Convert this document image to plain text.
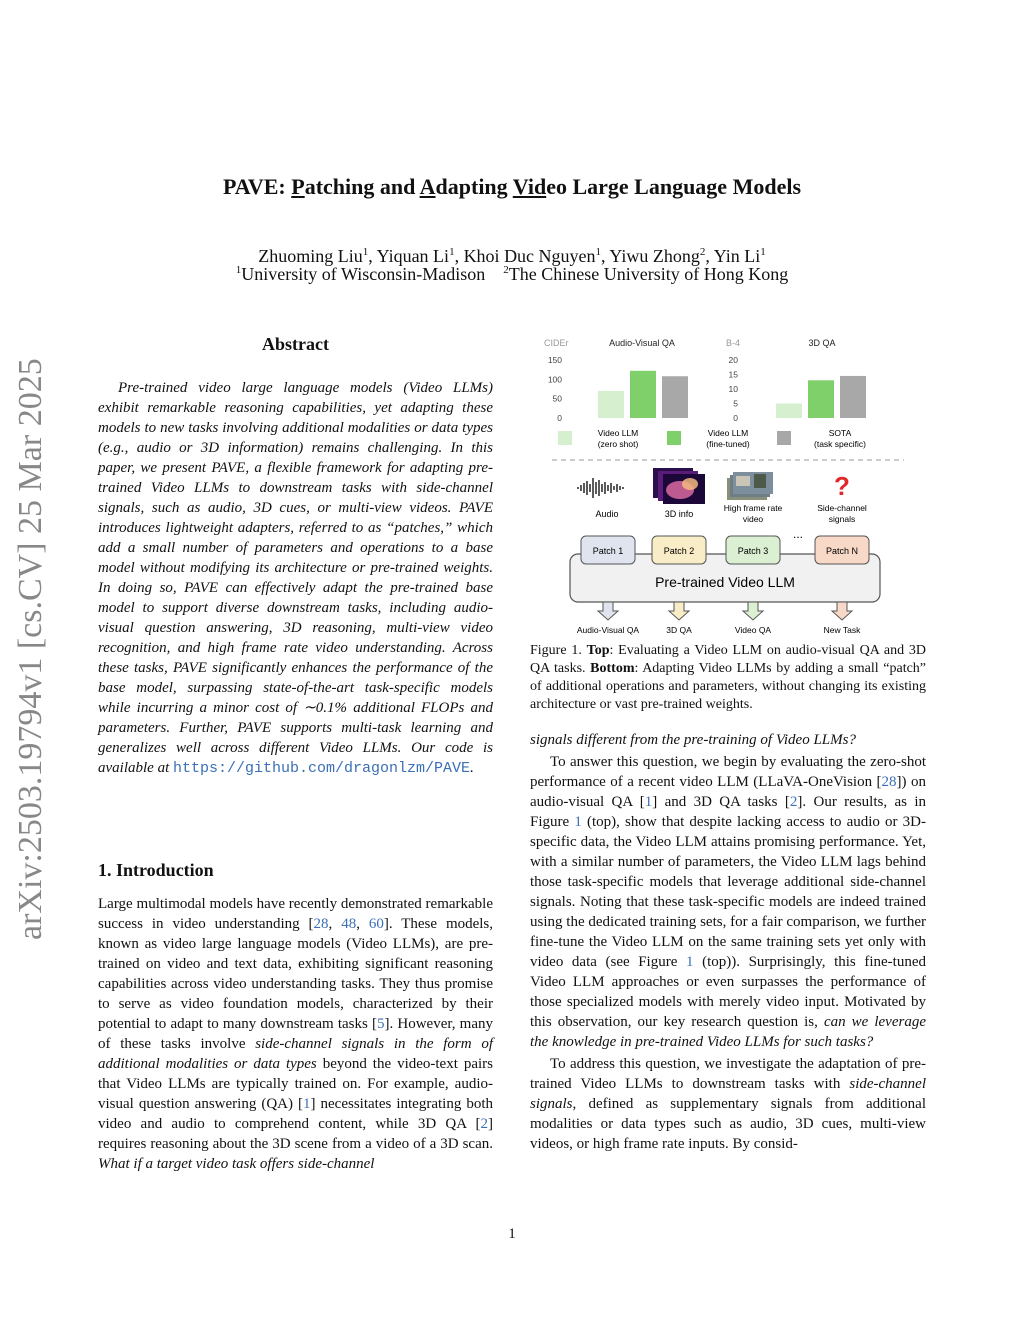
PAVE: Patching and Adapting Video Large Language Models
Zhuoming Liu$^1$, Yiquan Li$^1$, Khoi Duc Nguyen$^1$, Yiwu Zhong$^2$, Yin Li$^1$
$^1$University of Wisconsin-Madison $^2$The Chinese University of Hong Kong
arXiv:2503.19794v1 [cs.CV] 25 Mar 2025
Abstract
Pre-trained video large language models (Video LLMs) exhibit remarkable reasoning capabilities, yet adapting these models to new tasks involving additional modalities or data types (e.g., audio or 3D information) remains challenging. In this paper, we present PAVE, a flexible framework for adapting pre-trained Video LLMs to downstream tasks with side-channel signals, such as audio, 3D cues, or multi-view videos. PAVE introduces lightweight adapters, referred to as “patches,” which add a small number of parameters and operations to a base model without modifying its architecture or pre-trained weights. In doing so, PAVE can effectively adapt the pre-trained base model to support diverse downstream tasks, including audio-visual question answering, 3D reasoning, multi-view video recognition, and high frame rate video understanding. Across these tasks, PAVE significantly enhances the performance of the base model, surpassing state-of-the-art task-specific models while incurring a minor cost of ∼0.1% additional FLOPs and parameters. Further, PAVE supports multi-task learning and generalizes well across different Video LLMs. Our code is available at https://github.com/dragonlzm/PAVE.
1. Introduction
Large multimodal models have recently demonstrated remarkable success in video understanding [28, 48, 60]. These models, known as video large language models (Video LLMs), are pre-trained on video and text data, exhibiting significant reasoning capabilities across video understanding tasks. They thus promise to serve as video foundation models, characterized by their potential to adapt to many downstream tasks [5]. However, many of these tasks involve side-channel signals in the form of additional modalities or data types beyond the video-text pairs that Video LLMs are typically trained on. For example, audio-visual question answering (QA) [1] necessitates integrating both video and audio to comprehend content, while 3D QA [2] requires reasoning about the 3D scene from a video of a 3D scan. What if a target video task offers side-channel
CIDEr	Audio-Visual QA
0
50
100
150
B-4	3D QA
0
5
10
15
20
Video LLM
(zero shot)
Video LLM
(fine-tuned)
SOTA
(task specific)
Audio	3D info
High frame rate
video
?
Side-channel
signals
Pre-trained Video LLM
Patch 1	Patch 2	Patch 3
...
Patch N
Audio-Visual QA	3D QA	Video QA	New Task
Figure 1. Top: Evaluating a Video LLM on audio-visual QA and 3D QA tasks. Bottom: Adapting Video LLMs by adding a small “patch” of additional operations and parameters, without changing its existing architecture or vast pre-trained weights.

signals different from the pre-training of Video LLMs?

To answer this question, we begin by evaluating the zero-shot performance of a recent video LLM (LLaVA-OneVision [28]) on audio-visual QA [1] and 3D QA tasks [2]. Our results, as in Figure 1 (top), show that despite lacking access to audio or 3D-specific data, the Video LLM attains promising performance. Yet, with a similar number of parameters, the Video LLM lags behind those task-specific models that leverage additional side-channel signals. Noting that these task-specific models are indeed trained using the dedicated training sets, for a fair comparison, we further fine-tune the Video LLM on the same training sets yet only with video data (see Figure 1 (top)). Surprisingly, this fine-tuned Video LLM approaches or even surpasses the performance of those specialized models with merely video input. Motivated by this observation, our key research question is, can we leverage the knowledge in pre-trained Video LLMs for such tasks?

To address this question, we investigate the adaptation of pre-trained Video LLMs to downstream tasks with side-channel signals, defined as supplementary signals from additional modalities or data types such as audio, 3D cues, multi-view videos, or high frame rate inputs. By consid-

1
